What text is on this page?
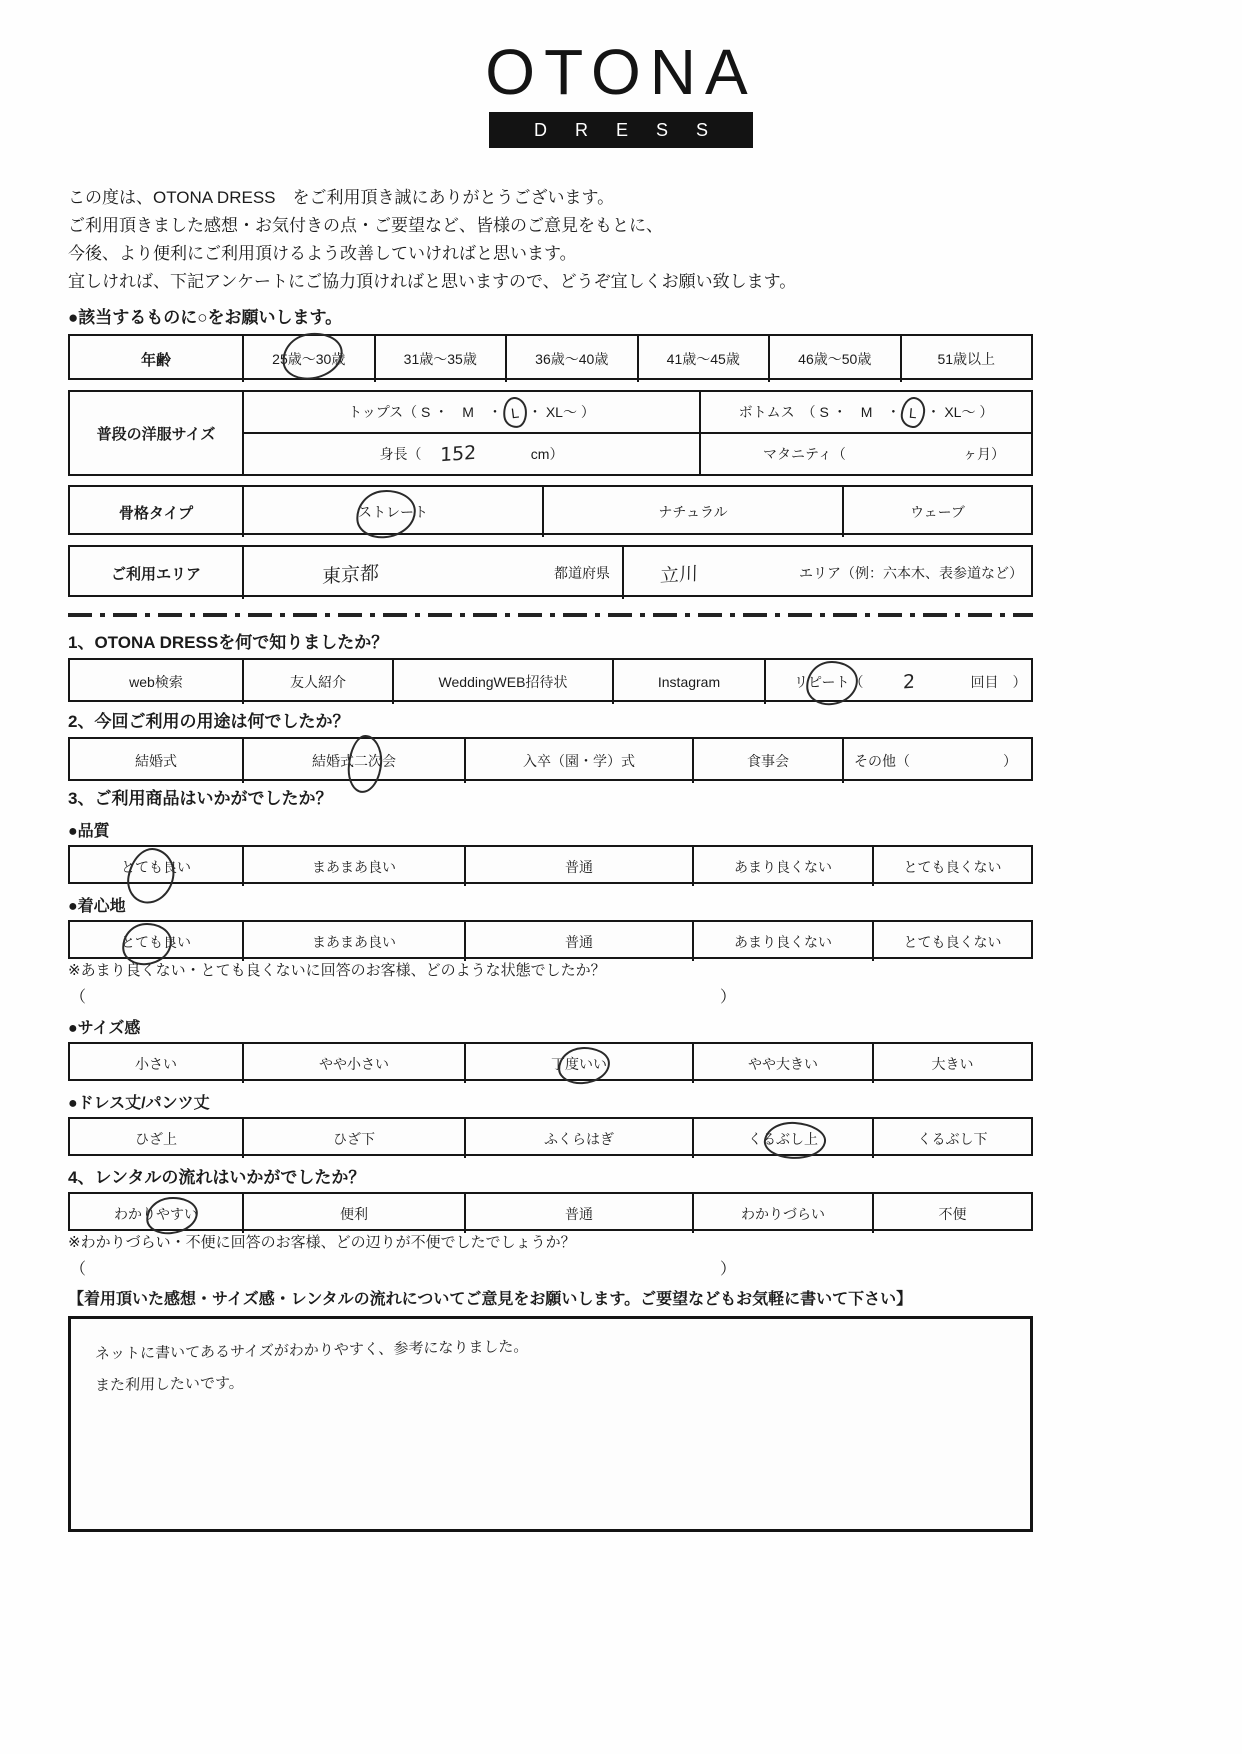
OTONA
DRESS

この度は、OTONA DRESS　をご利用頂き誠にありがとうございます。

ご利用頂きました感想・お気付きの点・ご要望など、皆様のご意見をもとに、

今後、より便利にご利用頂けるよう改善していければと思います。

宜しければ、下記アンケートにご協力頂ければと思いますので、どうぞ宜しくお願い致します。

●該当するものに○をお願いします。
年齢	25歳～30歳	31歳～35歳	36歳～40歳	41歳～45歳	46歳～50歳	51歳以上
普段の洋服サイズ
トップス（ S ・　M　・ L ・ XL～ ）	ボトムス　（ S ・　M　・ L ・ XL～ ）
身長（ 152	cm）	マタニティ（	ヶ月）
骨格タイプ	ストレート	ナチュラル	ウェーブ
ご利用エリア	東京都	都道府県	立川	エリア（例：六本木、表参道など）
1、OTONA DRESSを何で知りましたか？
web検索	友人紹介	WeddingWEB招待状	Instagram	リピート（ 2	回目　）
2、今回ご利用の用途は何でしたか？
結婚式	結婚式二次会	入卒（園・学）式	食事会	その他（	）
3、ご利用商品はいかがでしたか？
●品質
とても良い	まあまあ良い	普通	あまり良くない	とても良くない
●着心地
とても良い	まあまあ良い	普通	あまり良くない	とても良くない
※あまり良くない・とても良くないに回答のお客様、どのような状態でしたか？
（	）
●サイズ感
小さい	やや小さい	丁度いい	やや大きい	大きい
●ドレス丈/パンツ丈
ひざ上	ひざ下	ふくらはぎ	くるぶし上	くるぶし下
4、レンタルの流れはいかがでしたか？
わかりやすい	便利	普通	わかりづらい	不便
※わかりづらい・不便に回答のお客様、どの辺りが不便でしたでしょうか？
（	）
【着用頂いた感想・サイズ感・レンタルの流れについてご意見をお願いします。ご要望などもお気軽に書いて下さい】
ネットに書いてあるサイズがわかりやすく、参考になりました。
また利用したいです。
